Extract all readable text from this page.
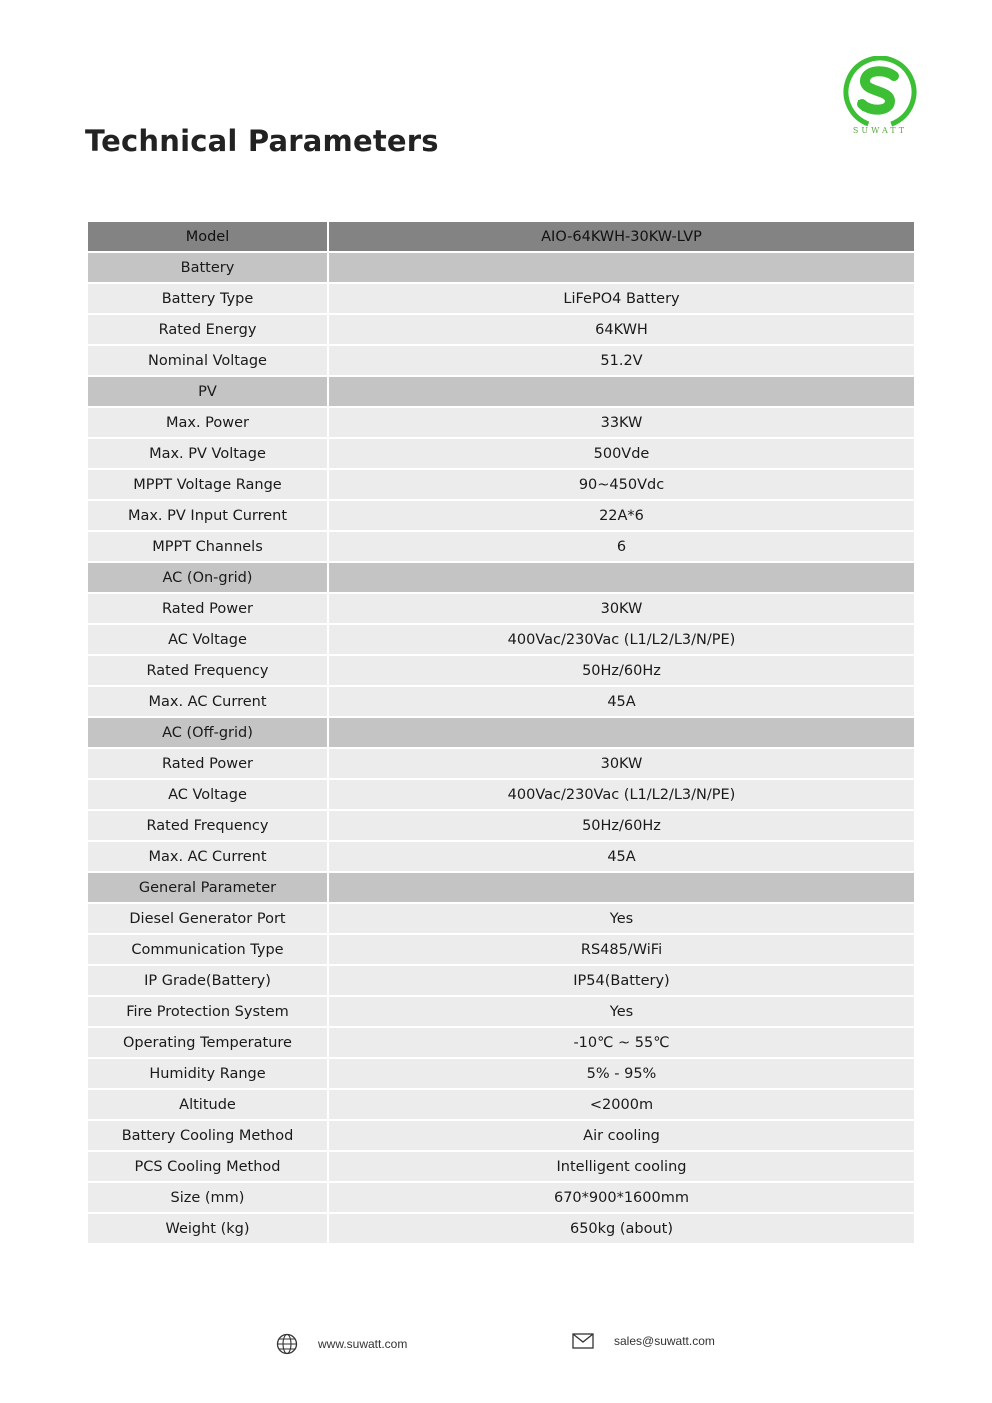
Technical Parameters	SUWATT
Model	AIO-64KWH-30KW-LVP
Battery	
Battery Type	LiFePO4 Battery
Rated Energy	64KWH
Nominal Voltage	51.2V
PV	
Max. Power	33KW
Max. PV Voltage	500Vde
MPPT Voltage Range	90~450Vdc
Max. PV Input Current	22A*6
MPPT Channels	6
AC (On-grid)	
Rated Power	30KW
AC Voltage	400Vac/230Vac (L1/L2/L3/N/PE)
Rated Frequency	50Hz/60Hz
Max. AC Current	45A
AC (Off-grid)	
Rated Power	30KW
AC Voltage	400Vac/230Vac (L1/L2/L3/N/PE)
Rated Frequency	50Hz/60Hz
Max. AC Current	45A
General Parameter	
Diesel Generator Port	Yes
Communication Type	RS485/WiFi
IP Grade(Battery)	IP54(Battery)
Fire Protection System	Yes
Operating Temperature	-10℃ ~ 55℃
Humidity Range	5% - 95%
Altitude	<2000m
Battery Cooling Method	Air cooling
PCS Cooling Method	Intelligent cooling
Size (mm)	670*900*1600mm
Weight (kg)	650kg (about)
www.suwatt.com	sales@suwatt.com
